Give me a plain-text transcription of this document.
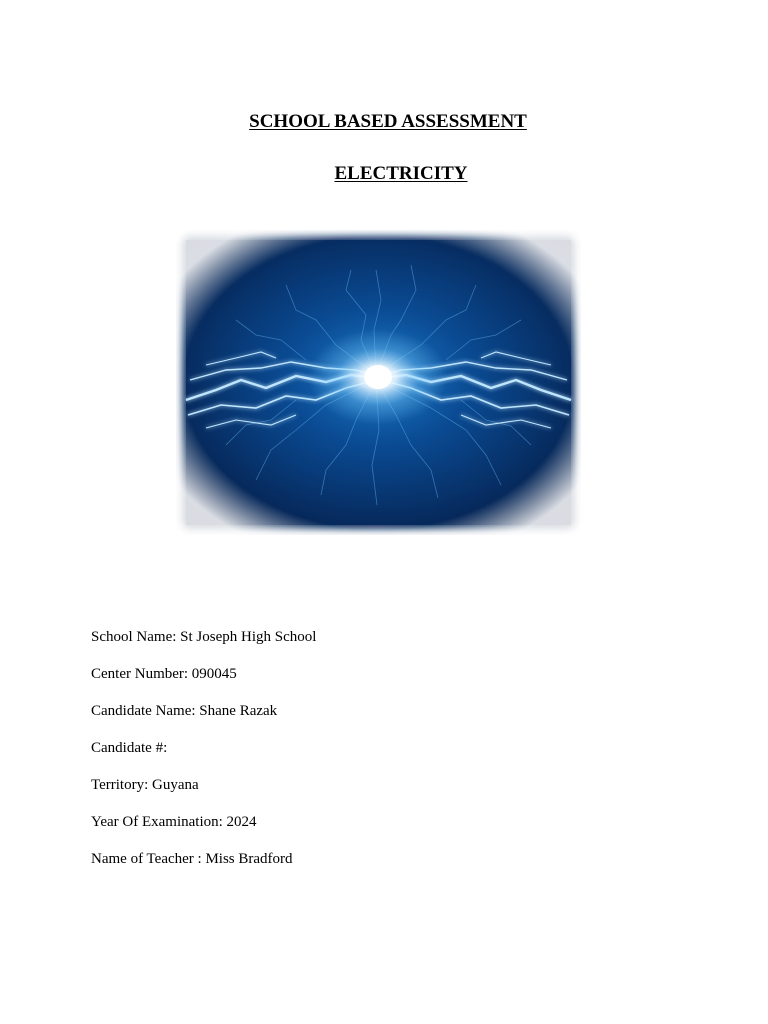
SCHOOL BASED ASSESSMENT
ELECTRICITY
School Name: St Joseph High School
Center Number: 090045
Candidate Name: Shane Razak
Candidate #:
Territory: Guyana
Year Of Examination: 2024
Name of Teacher : Miss Bradford
